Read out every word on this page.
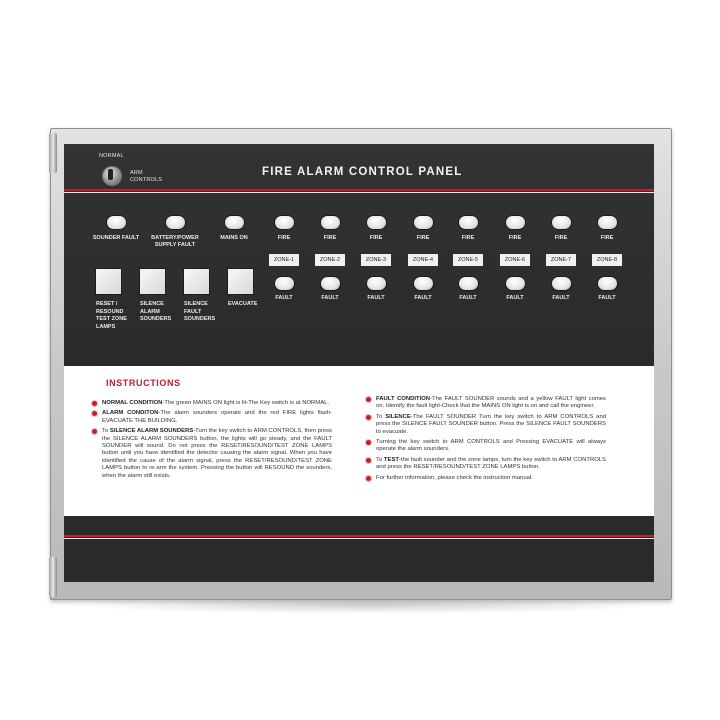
NORMAL
ARM
CONTROLS
FIRE ALARM CONTROL PANEL
SOUNDER FAULT	BATTERY/POWER
SUPPLY FAULT
MAINS ON	FIRE
ZONE-1
FAULT
FIRE
ZONE-2
FAULT
FIRE
ZONE-3
FAULT
FIRE
ZONE-4
FAULT
FIRE
ZONE-5
FAULT
FIRE
ZONE-6
FAULT
FIRE
ZONE-7
FAULT
FIRE
ZONE-8
FAULT
RESET /
RESOUND
TEST ZONE
LAMPS
SILENCE
ALARM
SOUNDERS
SILENCE
FAULT
SOUNDERS
EVACUATE
INSTRUCTIONS
NORMAL CONDITION-The green MAINS ON light is lit-The Key switch is at NORMAL.
ALARM CONDITON-The alarm sounders operate and the red FIRE lights flash-EVACUATE THE BUILDING.
To SILENCE ALARM SOUNDERS-Turn the key switch to ARM CONTROLS, then press the SILENCE ALARM SOUNDERS button, the lights will go steady, and the FAULT SOUNDER will sound. Do not press the RESET/RESOUND/TEST ZONE LAMPS button until you have identified the detector causing the alarm signal. When you have identified the cause of the alarm signal, press the RESET/RESOUND/TEST ZONE LAMPS button to re-arm the system. Pressing the button will RESOUND the sounders, when the alarm still exists.
FAULT CONDITION-The FAULT SOUNDER sounds and a yellow FAULT light comes on. Identify the fault light-Check that the MAINS ON light is on and call the engineer.
To SILENCE-The FAULT SOUNDER Turn the key switch to ARM CONTROLS and press the SILENCE FAULT SOUNDER button. Press the SILENCE FAULT SOUNDERS to evacuate.
Turning the key switch to ARM CONTROLS and Pressing EVACUATE will always operate the alarm sounders.
To TEST-the fault sounder and the zone lamps, turn the key switch to ARM CONTROLS and press the RESET/RESOUND/TEST ZONE LAMPS button.
For further information, please check the instruction manual.
